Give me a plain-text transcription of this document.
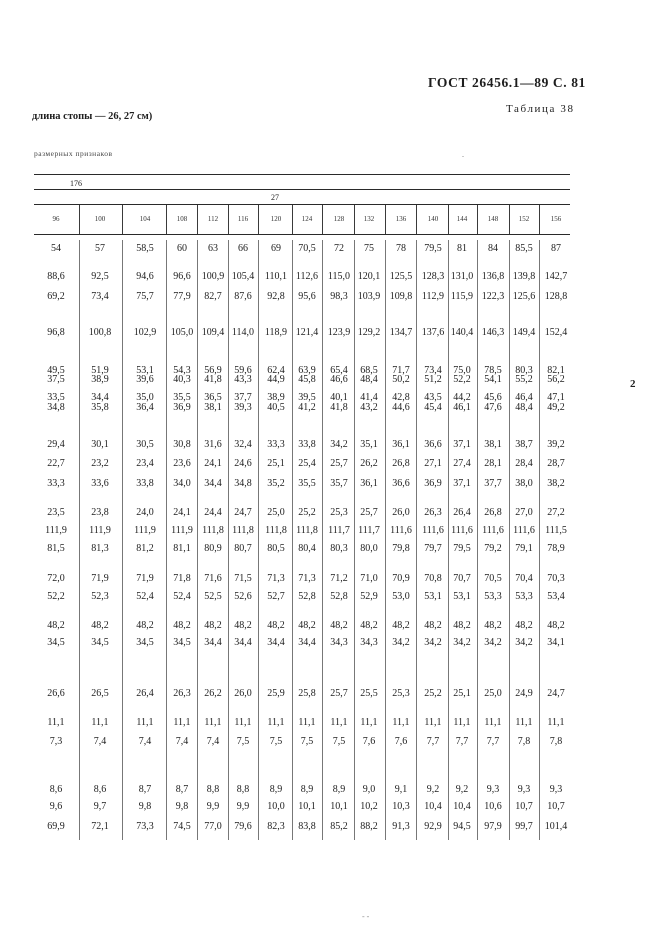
ГОСТ 26456.1—89 С. 81
Таблица 38
длина стопы — 26, 27 см)
размерных признаков	.
2
- -
176
27
96	100	104	108	112	116	120	124	128	132	136	140	144	148	152	156
54	57	58,5	60	63	66	69	70,5	72	75	78	79,5	81	84	85,5	87
88,6	92,5	94,6	96,6	100,9 105,4	110,1 112,6 115,0 120,1 125,5 128,3 131,0 136,8 139,8 142,7
69,2	73,4	75,7	77,9	82,7	87,6	92,8	95,6	98,3	103,9 109,8 112,9 115,9 122,3 125,6 128,8
96,8	100,8	102,9	105,0 109,4 114,0	118,9 121,4 123,9 129,2 134,7 137,6 140,4 146,3 149,4 152,4
49,5	51,9	53,1	54,3	56,9	59,6	62,4	63,9	65,4	68,5	71,7	73,4	75,0	78,5	80,3	82,1
37,5	38,9	39,6	40,3	41,8	43,3	44,9	45,8	46,6	48,4	50,2	51,2	52,2	54,1	55,2	56,2
33,5	34,4	35,0	35,5	36,5	37,7	38,9	39,5	40,1	41,4	42,8	43,5	44,2	45,6	46,4	47,1
34,8	35,8	36,4	36,9	38,1	39,3	40,5	41,2	41,8	43,2	44,6	45,4	46,1	47,6	48,4	49,2
29,4	30,1	30,5	30,8	31,6	32,4	33,3	33,8	34,2	35,1	36,1	36,6	37,1	38,1	38,7	39,2
22,7	23,2	23,4	23,6	24,1	24,6	25,1	25,4	25,7	26,2	26,8	27,1	27,4	28,1	28,4	28,7
33,3	33,6	33,8	34,0	34,4	34,8	35,2	35,5	35,7	36,1	36,6	36,9	37,1	37,7	38,0	38,2
23,5	23,8	24,0	24,1	24,4	24,7	25,0	25,2	25,3	25,7	26,0	26,3	26,4	26,8	27,0	27,2
111,9	111,9	111,9	111,9 111,8 111,8	111,8 111,8	111,7 111,7	111,6	111,6 111,6 111,6 111,6	111,5
81,5	81,3	81,2	81,1	80,9	80,7	80,5	80,4	80,3	80,0	79,8	79,7	79,5	79,2	79,1	78,9
72,0	71,9	71,9	71,8	71,6	71,5	71,3	71,3	71,2	71,0	70,9	70,8	70,7	70,5	70,4	70,3
52,2	52,3	52,4	52,4	52,5	52,6	52,7	52,8	52,8	52,9	53,0	53,1	53,1	53,3	53,3	53,4
48,2	48,2	48,2	48,2	48,2	48,2	48,2	48,2	48,2	48,2	48,2	48,2	48,2	48,2	48,2	48,2
34,5	34,5	34,5	34,5	34,4	34,4	34,4	34,4	34,3	34,3	34,2	34,2	34,2	34,2	34,2	34,1
26,6	26,5	26,4	26,3	26,2	26,0	25,9	25,8	25,7	25,5	25,3	25,2	25,1	25,0	24,9	24,7
11,1	11,1	11,1	11,1	11,1	11,1	11,1	11,1	11,1	11,1	11,1	11,1	11,1	11,1	11,1	11,1
7,3	7,4	7,4	7,4	7,4	7,5	7,5	7,5	7,5	7,6	7,6	7,7	7,7	7,7	7,8	7,8
8,6	8,6	8,7	8,7	8,8	8,8	8,9	8,9	8,9	9,0	9,1	9,2	9,2	9,3	9,3	9,3
9,6	9,7	9,8	9,8	9,9	9,9	10,0	10,1	10,1	10,2	10,3	10,4	10,4	10,6	10,7	10,7
69,9	72,1	73,3	74,5	77,0	79,6	82,3	83,8	85,2	88,2	91,3	92,9	94,5	97,9	99,7	101,4
